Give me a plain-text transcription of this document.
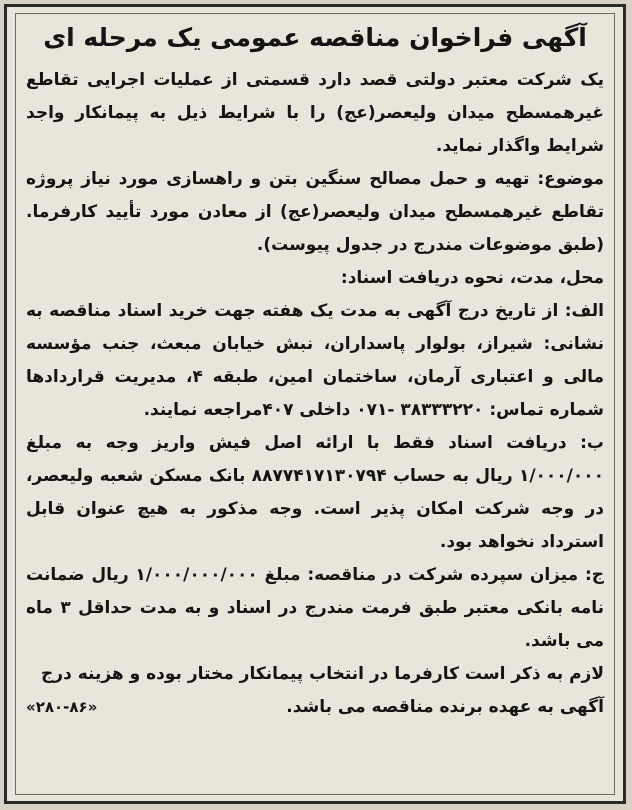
آگهی فراخوان مناقصه عمومی یک مرحله ای

یک شرکت معتبر دولتی قصد دارد قسمتی از عملیات اجرایی تقاطع غیرهمسطح میدان ولیعصر(عج) را با شرایط ذیل به پیمانکار واجد شرایط واگذار نماید.

موضوع: تهیه و حمل مصالح سنگین بتن و راهسازی مورد نیاز پروژه تقاطع غیرهمسطح میدان ولیعصر(عج) از معادن مورد تأیید کارفرما. (طبق موضوعات مندرج در جدول پیوست).

محل، مدت، نحوه دریافت اسناد:

الف: از تاریخ درج آگهی به مدت یک هفته جهت خرید اسناد مناقصه به نشانی: شیراز، بولوار پاسداران، نبش خیابان مبعث، جنب مؤسسه مالی و اعتباری آرمان، ساختمان امین، طبقه ۴، مدیریت قراردادها شماره تماس: ۳۸۳۳۳۲۲۰ -۰۷۱ داخلی ۴۰۷مراجعه نمایند.

ب: دریافت اسناد فقط با ارائه اصل فیش واریز وجه به مبلغ ۱/۰۰۰/۰۰۰ ریال به حساب ۸۸۷۷۴۱۷۱۳۰۷۹۴ بانک مسکن شعبه ولیعصر، در وجه شرکت امکان پذیر است. وجه مذکور به هیچ عنوان قابل استرداد نخواهد بود.

ج: میزان سپرده شرکت در مناقصه: مبلغ ۱/۰۰۰/۰۰۰/۰۰۰ ریال ضمانت نامه بانکی معتبر طبق فرمت مندرج در اسناد و به مدت حداقل ۳ ماه می باشد.

لازم به ذکر است کارفرما در انتخاب پیمانکار مختار بوده و هزینه درج آگهی به عهده برنده مناقصه می باشد.
«۲۸۰-۸۶»
